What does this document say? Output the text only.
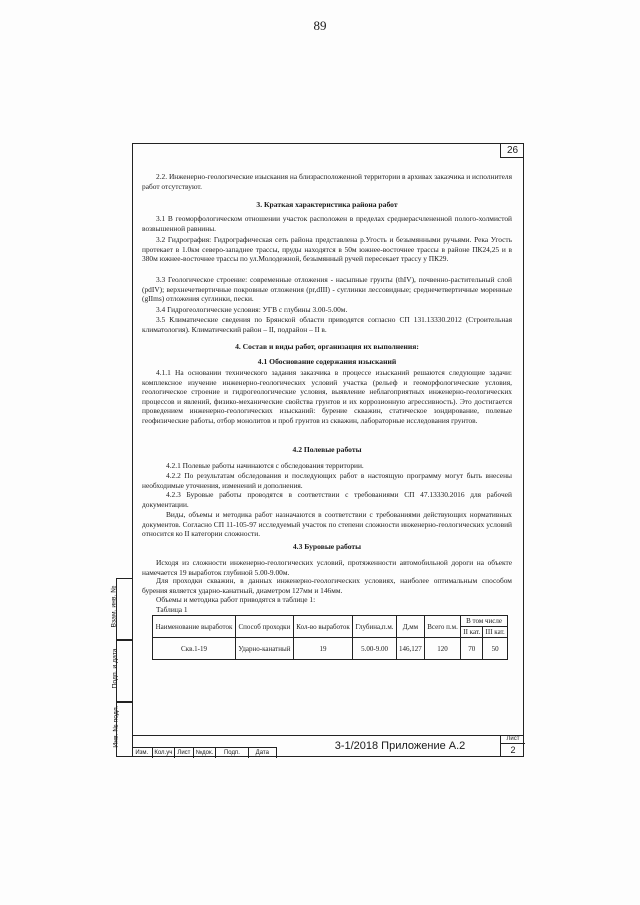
89
26
Взам. инв. №
Подп. и дата
Инв. № подл.
2.2. Инженерно-геологические изыскания на близрасположенной территории в архивах заказчика и исполнителя работ отсутствуют.
3. Краткая характеристика района работ
3.1 В геоморфологическом отношении участок расположен в пределах среднерасчлененной полого-холмистой возвышенной равнины.
3.2 Гидрография: Гидрографическая сеть района представлена р.Угость и безымянными ручьями. Река Угость протекает в 1.0км северо-западнее трассы, пруды находятся в 50м южнее-восточнее трассы в районе ПК24,25 и в 380м южнее-восточнее трассы по ул.Молодежной, безымянный ручей пересекает трассу у ПК29.
3.3 Геологическое строение: современные отложения - насыпные грунты (thIV), почвенно-растительный слой (pdIV); верхнечетвертичные покровные отложения (pr,dIII) - суглинки лессовидные; среднечетвертичные моренные (gIIms) отложения суглинки, пески.
3.4 Гидрогеологические условия: УГВ с глубины 3.00-5.00м.
3.5 Климатические сведения по Брянской области приводятся согласно СП 131.13330.2012 (Строительная климатология). Климатический район – II, подрайон – II в.
4. Состав и виды работ, организация их выполнения:
4.1 Обоснование содержания изысканий
4.1.1 На основании технического задания заказчика в процессе изысканий решаются следующие задачи: комплексное изучение инженерно-геологических условий участка (рельеф и геоморфологические условия, геологическое строение и гидрогеологические условия, выявление неблагоприятных инженерно-геологических процессов и явлений, физико-механические свойства грунтов и их коррозионную агрессивность). Это достигается проведением инженерно-геологических изысканий: бурение скважин, статическое зондирование, полевые геофизические работы, отбор монолитов и проб грунтов из скважин, лабораторные исследования грунтов.
4.2 Полевые работы
4.2.1 Полевые работы начинаются с обследования территории.
4.2.2 По результатам обследования и последующих работ в настоящую программу могут быть внесены необходимые уточнения, изменений и дополнения.
4.2.3 Буровые работы проводятся в соответствии с требованиями СП 47.13330.2016 для рабочей документации.
Виды, объемы и методика работ назначаются в соответствии с требованиями действующих нормативных документов. Согласно СП 11-105-97 исследуемый участок по степени сложности инженерно-геологических условий относится ко II категории сложности.
4.3 Буровые работы
Исходя из сложности инженерно-геологических условий, протяженности автомобильной дороги на объекте намечается 19 выработок глубиной 5.00-9.00м.
Для проходки скважин, в данных инженерно-геологических условиях, наиболее оптимальным способом бурения является ударно-канатный, диаметром 127мм и 146мм.
Объемы и методика работ приводятся в таблице 1:
Таблица 1
Наименование выработок	Способ проходки	Кол-во выработок	Глубина,п.м.	Д,мм	Всего п.м.	В том числе	
						II кат.	III кат.
Скв.1-19	Ударно-канатный	19	5.00-9.00	146,127	120	70	50
Лист
2
3-1/2018 Приложение А.2
Изм.	Кол.уч Лист №док.	Подп.	Дата
